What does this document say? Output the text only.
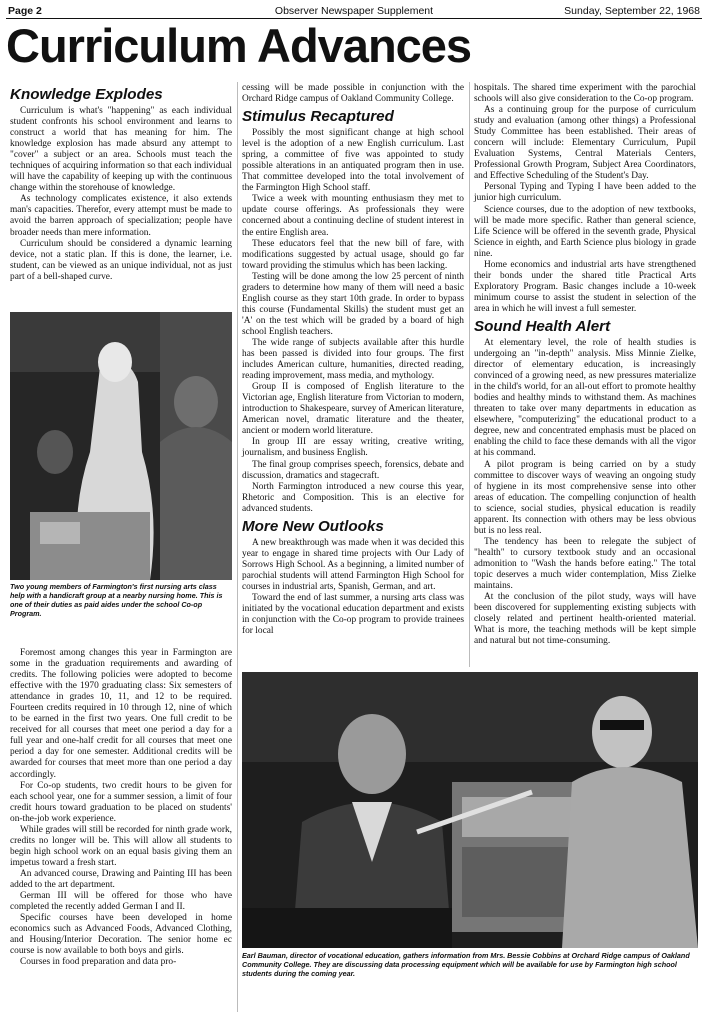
Page 2	Observer Newspaper Supplement	Sunday, September 22, 1968
Curriculum Advances
Knowledge Explodes

Curriculum is what's "happening" as each individual student confronts his school environment and learns to construct a world that has meaning for him. The knowledge explosion has made absurd any attempt to "cover" a subject or an area. Schools must teach the techniques of acquiring information so that each individual will have the capability of keeping up with the continuous change within the storehouse of knowledge.

As technology complicates existence, it also extends man's capacities. Therefor, every attempt must be made to avoid the barren approach of specialization; people have broader needs than mere information.

Curriculum should be considered a dynamic learning device, not a static plan. If this is done, the learner, i.e. student, can be viewed as an unique individual, not as just part of a bell-shaped curve.

Two young members of Farmington's first nursing arts class help with a handicraft group at a nearby nursing home. This is one of their duties as paid aides under the school Co-op Program.

Foremost among changes this year in Farmington are some in the graduation requirements and awarding of credits. The following policies were adopted to become effective with the 1970 graduating class: Six semesters of attendance in grades 10, 11, and 12 to be required. Fourteen credits required in 10 through 12, nine of which to be earned in the first two years. One full credit to be received for all courses that meet one period a day for a full year and one-half credit for all courses that meet one period a day for one semester. Additional credits will be awarded for courses that meet more than one period a day accordingly.

For Co-op students, two credit hours to be given for each school year, one for a summer session, a limit of four credit hours toward graduation to be placed on students' on-the-job work experience.

While grades will still be recorded for ninth grade work, credits no longer will be. This will allow all students to begin high school work on an equal basis giving them an impetus toward a fresh start.

An advanced course, Drawing and Painting III has been added to the art department.

German III will be offered for those who have completed the recently added German I and II.

Specific courses have been developed in home economics such as Advanced Foods, Advanced Clothing, and Housing/Interior Decoration. The senior home ec course is now available to both boys and girls.

Courses in food preparation and data pro-

cessing will be made possible in conjunction with the Orchard Ridge campus of Oakland Community College.

Stimulus Recaptured

Possibly the most significant change at high school level is the adoption of a new English curriculum. Last spring, a committee of five was appointed to study possible alterations in an antiquated program then in use. That committee developed into the total involvement of the Farmington High School staff.

Twice a week with mounting enthusiasm they met to update course offerings. As professionals they were concerned about a continuing decline of student interest in the entire English area.

These educators feel that the new bill of fare, with modifications suggested by actual usage, should go far toward providing the stimulus which has been lacking.

Testing will be done among the low 25 percent of ninth graders to determine how many of them will need a basic English course as they start 10th grade. In order to bypass this course (Fundamental Skills) the student must get an 'A' on the test which will be graded by a board of high school English teachers.

The wide range of subjects available after this hurdle has been passed is divided into four groups. The first includes American culture, humanities, directed reading, reading improvement, mass media, and mythology.

Group II is composed of English literature to the Victorian age, English literature from Victorian to modern, introduction to Shakespeare, survey of American literature, American novel, dramatic literature and the theater, ancient or modern world literature.

In group III are essay writing, creative writing, journalism, and business English.

The final group comprises speech, forensics, debate and discussion, dramatics and stagecraft.

North Farmington introduced a new course this year, Rhetoric and Composition. This is an elective for advanced students.

More New Outlooks

A new breakthrough was made when it was decided this year to engage in shared time projects with Our Lady of Sorrows High School. As a beginning, a limited number of parochial students will attend Farmington High School for courses in industrial arts, Spanish, German, and art.

Toward the end of last summer, a nursing arts class was initiated by the vocational education department and exists in conjunction with the Co-op program to provide trainees for local

hospitals. The shared time experiment with the parochial schools will also give consideration to the Co-op program.

As a continuing group for the purpose of curriculum study and evaluation (among other things) a Professional Study Committee has been established. Their areas of concern will include: Elementary Curriculum, Pupil Evaluation Systems, Central Materials Centers, Professional Growth Program, Subject Area Coordinators, and Effective Scheduling of the Student's Day.

Personal Typing and Typing I have been added to the junior high curriculum.

Science courses, due to the adoption of new textbooks, will be made more specific. Rather than general science, Life Science will be offered in the seventh grade, Physical Science in eighth, and Earth Science plus biology in grade nine.

Home economics and industrial arts have strengthened their bonds under the shared title Practical Arts Exploratory Program. Basic changes include a 10-week minimum course to assist the student in selection of the area in which he will invest a full semester.

Sound Health Alert

At elementary level, the role of health studies is undergoing an "in-depth" analysis. Miss Minnie Zielke, director of elementary education, is increasingly convinced of a growing need, as new pressures materialize in the child's world, for an all-out effort to promote healthy bodies and healthy minds to withstand them. As machines threaten to take over many departments in education as elsewhere, "computerizing" the educational product to a degree, new and concentrated emphasis must be placed on enabling the child to face these demands with all the vigor at his command.

A pilot program is being carried on by a study committee to discover ways of weaving an ongoing study of hygiene in its most comprehensive sense into other areas of education. The compelling conjunction of health to science, social studies, physical education is readily apparent. Its connection with others may be less obvious but is no less real.

The tendency has been to relegate the subject of "health" to cursory textbook study and an occasional admonition to "Wash the hands before eating." The total topic deserves a much wider contemplation, Miss Zielke maintains.

At the conclusion of the pilot study, ways will have been discovered for supplementing existing subjects with closely related and pertinent health-oriented material. What is more, the teaching methods will be kept simple and natural but not time-consuming.

Earl Bauman, director of vocational education, gathers information from Mrs. Bessie Cobbins at Orchard Ridge campus of Oakland Community College. They are discussing data processing equipment which will be available for use by Farmington high school students during the coming year.
